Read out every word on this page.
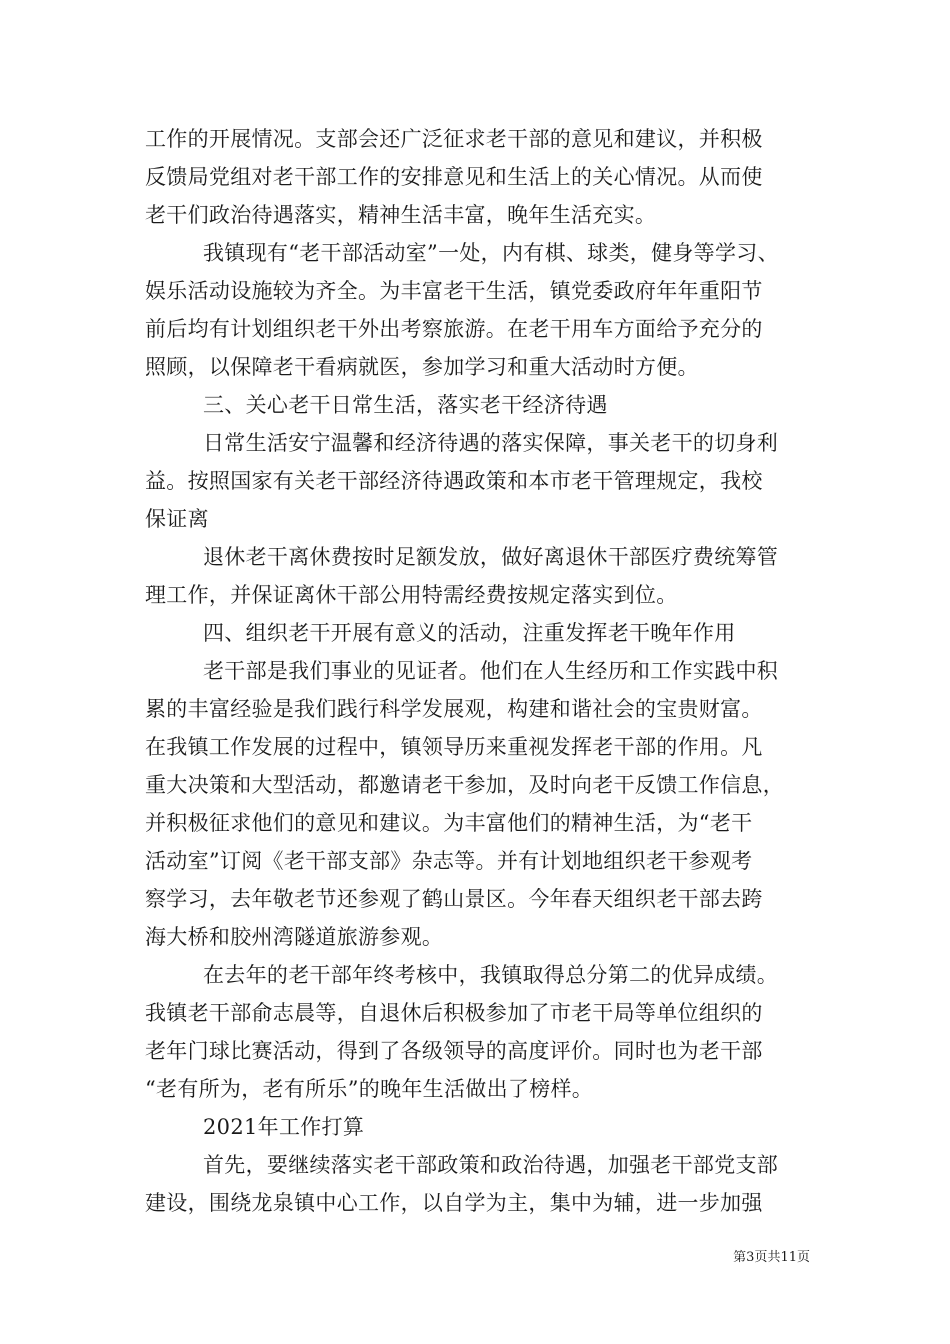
工作的开展情况。支部会还广泛征求老干部的意见和建议，并积极
反馈局党组对老干部工作的安排意见和生活上的关心情况。从而使
老干们政治待遇落实，精神生活丰富，晚年生活充实。
我镇现有“老干部活动室”一处，内有棋、球类，健身等学习、
娱乐活动设施较为齐全。为丰富老干生活，镇党委政府年年重阳节
前后均有计划组织老干外出考察旅游。在老干用车方面给予充分的
照顾，以保障老干看病就医，参加学习和重大活动时方便。
三、关心老干日常生活，落实老干经济待遇
日常生活安宁温馨和经济待遇的落实保障，事关老干的切身利
益。按照国家有关老干部经济待遇政策和本市老干管理规定，我校
保证离
退休老干离休费按时足额发放，做好离退休干部医疗费统筹管
理工作，并保证离休干部公用特需经费按规定落实到位。
四、组织老干开展有意义的活动，注重发挥老干晚年作用
老干部是我们事业的见证者。他们在人生经历和工作实践中积
累的丰富经验是我们践行科学发展观，构建和谐社会的宝贵财富。
在我镇工作发展的过程中，镇领导历来重视发挥老干部的作用。凡
重大决策和大型活动，都邀请老干参加，及时向老干反馈工作信息，
并积极征求他们的意见和建议。为丰富他们的精神生活，为“老干
活动室”订阅《老干部支部》杂志等。并有计划地组织老干参观考
察学习，去年敬老节还参观了鹤山景区。今年春天组织老干部去跨
海大桥和胶州湾隧道旅游参观。
在去年的老干部年终考核中，我镇取得总分第二的优异成绩。
我镇老干部俞志晨等，自退休后积极参加了市老干局等单位组织的
老年门球比赛活动，得到了各级领导的高度评价。同时也为老干部
“老有所为，老有所乐”的晚年生活做出了榜样。
2021年工作打算
首先，要继续落实老干部政策和政治待遇，加强老干部党支部
建设，围绕龙泉镇中心工作，以自学为主，集中为辅，进一步加强
第3页共11页
